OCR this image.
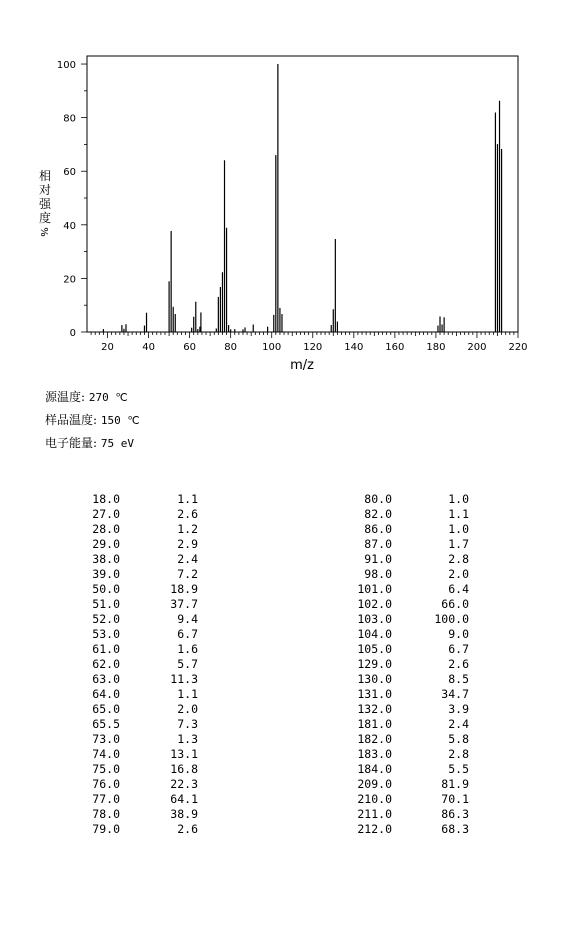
相
对
强
度
%
20	40	60	80	100 120 140 160 180 200 220
0
20
40
60
80
100
m/z
源温度: 270 ℃
样品温度: 150 ℃
电子能量: 75 eV
18.0	1.1
27.0	2.6
28.0	1.2
29.0	2.9
38.0	2.4
39.0	7.2
50.0	18.9
51.0	37.7
52.0	9.4
53.0	6.7
61.0	1.6
62.0	5.7
63.0	11.3
64.0	1.1
65.0	2.0
65.5	7.3
73.0	1.3
74.0	13.1
75.0	16.8
76.0	22.3
77.0	64.1
78.0	38.9
79.0	2.6
80.0	1.0
82.0	1.1
86.0	1.0
87.0	1.7
91.0	2.8
98.0	2.0
101.0	6.4
102.0	66.0
103.0	100.0
104.0	9.0
105.0	6.7
129.0	2.6
130.0	8.5
131.0	34.7
132.0	3.9
181.0	2.4
182.0	5.8
183.0	2.8
184.0	5.5
209.0	81.9
210.0	70.1
211.0	86.3
212.0	68.3
